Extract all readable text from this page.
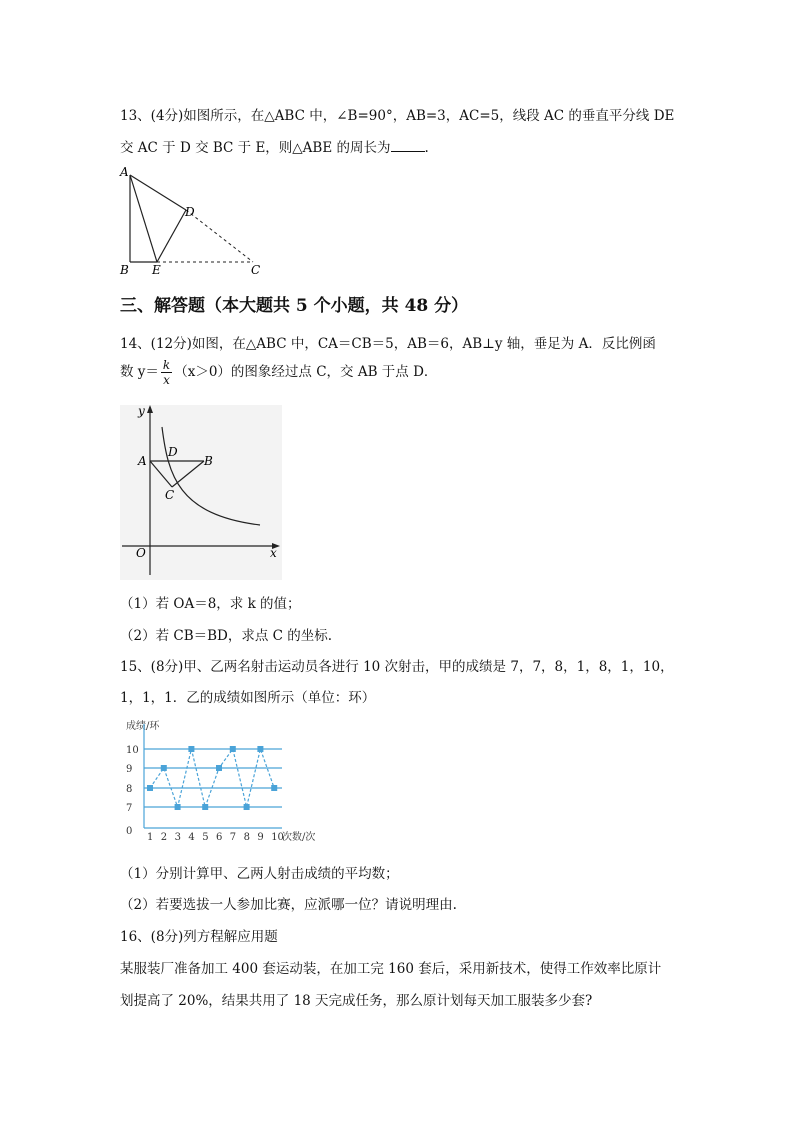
13、(4分)如图所示，在△ABC 中，∠B=90°，AB=3，AC=5，线段 AC 的垂直平分线 DE
交 AC 于 D 交 BC 于 E，则△ABE 的周长为	.
A
D
B E	C
三、解答题（本大题共 5 个小题，共 48 分）
14、(12分)如图，在△ABC 中，CA＝CB＝5，AB＝6，AB⊥y 轴，垂足为 A．反比例函
数 $y= \frac{k}{x} (x>0)$的图象经过点 C，交 AB 于点 D．
y
A
D
B
C
O	x
（1）若 OA＝8，求 k 的值；
（2）若 CB＝BD，求点 C 的坐标.
15、(8分)甲、乙两名射击运动员各进行 10 次射击，甲的成绩是 7，7，8，1，8，1，10，
1，1，1．乙的成绩如图所示（单位：环）
成绩/环
次数/次
0
7
8
9
10
1 2 3 4 5 6 7 8 9 10
（1）分别计算甲、乙两人射击成绩的平均数；
（2）若要选拔一人参加比赛，应派哪一位？请说明理由.
16、(8分)列方程解应用题
某服装厂准备加工 400 套运动装，在加工完 160 套后，采用新技术，使得工作效率比原计
划提高了 20%，结果共用了 18 天完成任务，那么原计划每天加工服装多少套?
